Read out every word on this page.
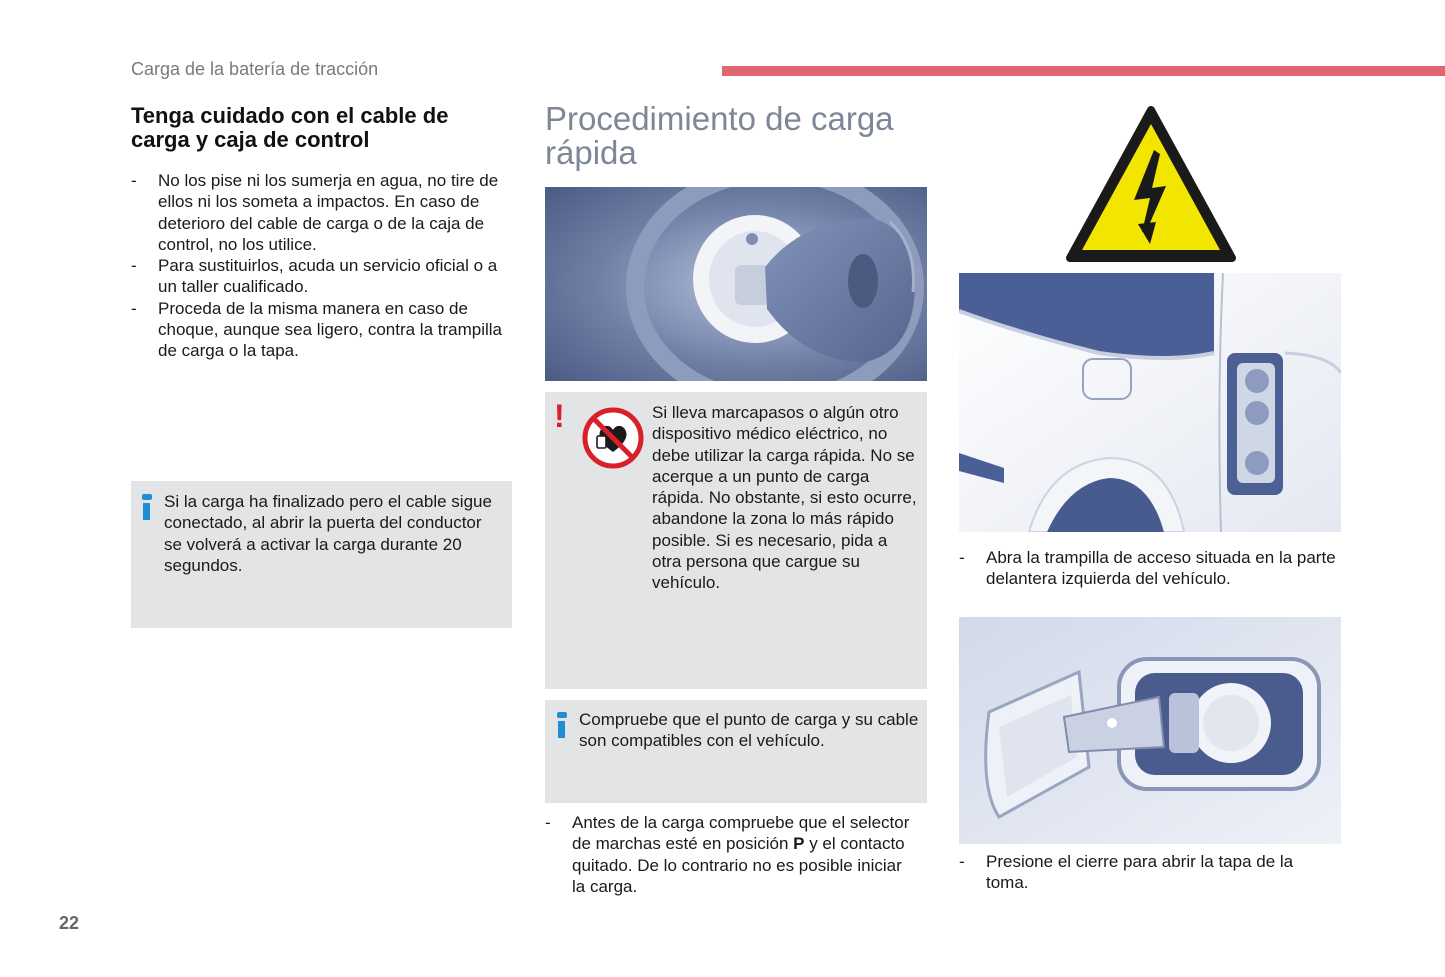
Carga de la batería de tracción
Tenga cuidado con el cable de carga y caja de control
- No los pise ni los sumerja en agua, no tire de ellos ni los someta a impactos. En caso de deterioro del cable de carga o de la caja de control, no los utilice.
- Para sustituirlos, acuda un servicio oficial o a un taller cualificado.
- Proceda de la misma manera en caso de choque, aunque sea ligero, contra la trampilla de carga o la tapa.
Si la carga ha finalizado pero el cable sigue conectado, al abrir la puerta del conductor se volverá a activar la carga durante 20 segundos.
Procedimiento de carga rápida
!	Si lleva marcapasos o algún otro dispositivo médico eléctrico, no debe utilizar la carga rápida. No se acerque a un punto de carga rápida. No obstante, si esto ocurre, abandone la zona lo más rápido posible. Si es necesario, pida a otra persona que cargue su vehículo.
Compruebe que el punto de carga y su cable son compatibles con el vehículo.
- Antes de la carga compruebe que el selector de marchas esté en posición P y el contacto quitado. De lo contrario no es posible iniciar la carga.
- Abra la trampilla de acceso situada en la parte delantera izquierda del vehículo.
- Presione el cierre para abrir la tapa de la toma.
22
